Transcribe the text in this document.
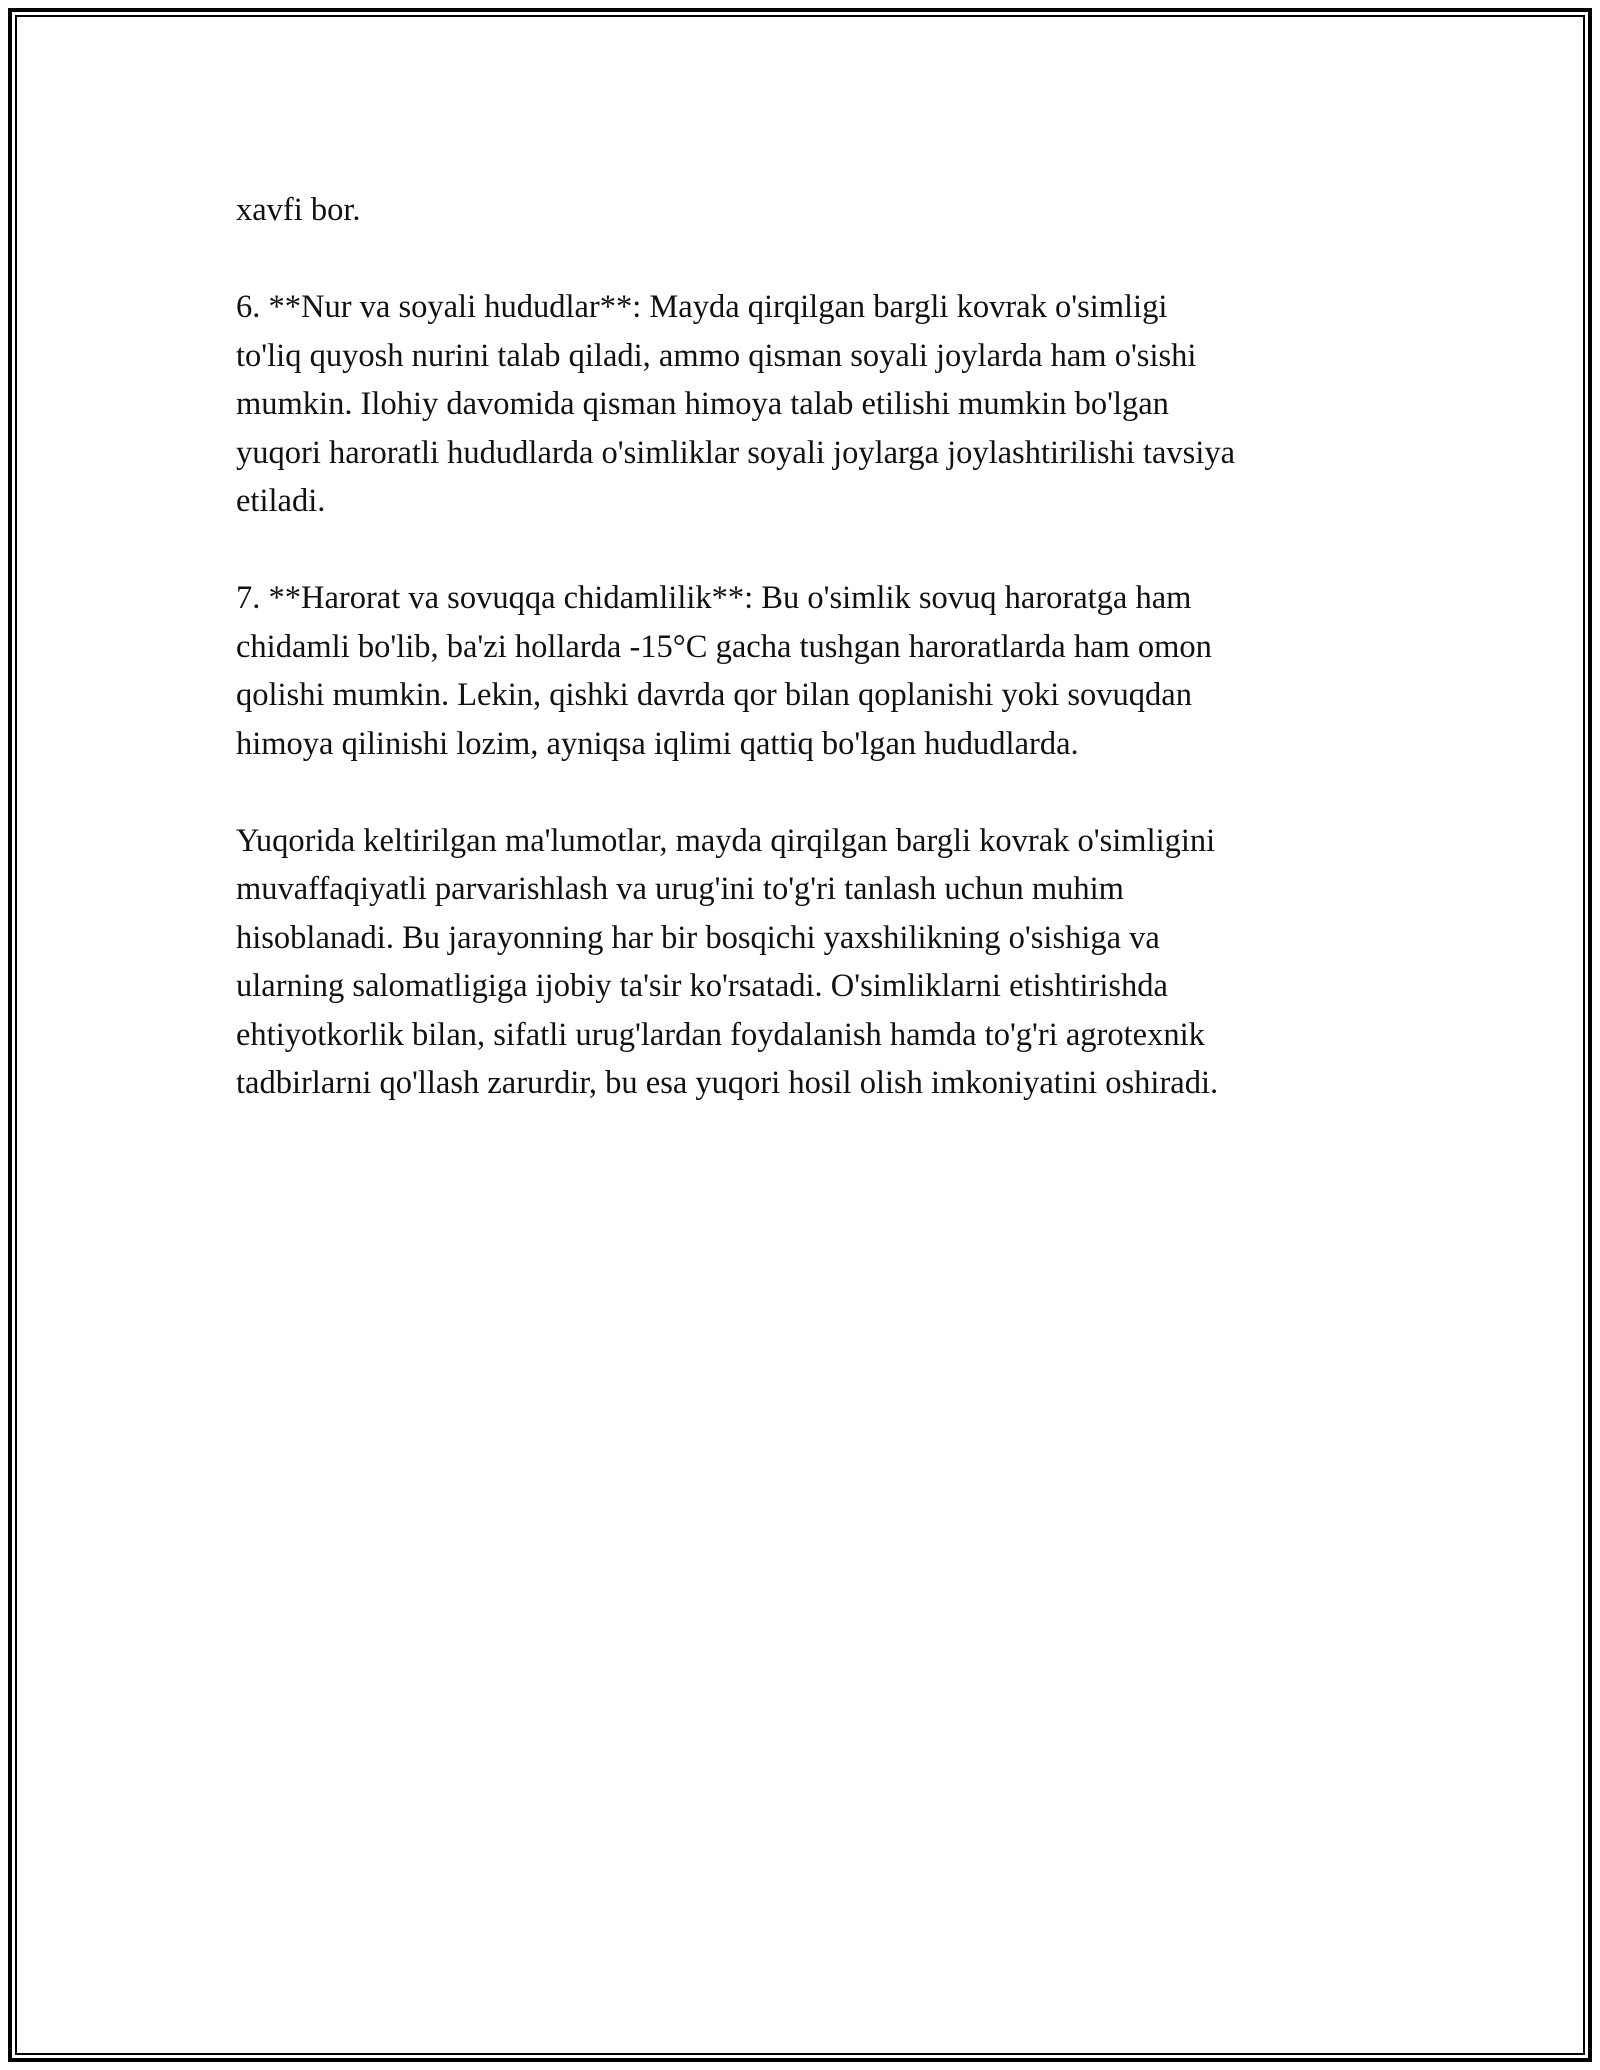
xavfi bor.

6. **Nur va soyali hududlar**: Mayda qirqilgan bargli kovrak o'simligi
to'liq quyosh nurini talab qiladi, ammo qisman soyali joylarda ham o'sishi
mumkin. Ilohiy davomida qisman himoya talab etilishi mumkin bo'lgan
yuqori haroratli hududlarda o'simliklar soyali joylarga joylashtirilishi tavsiya
etiladi.

7. **Harorat va sovuqqa chidamlilik**: Bu o'simlik sovuq haroratga ham
chidamli bo'lib, ba'zi hollarda -15°C gacha tushgan haroratlarda ham omon
qolishi mumkin. Lekin, qishki davrda qor bilan qoplanishi yoki sovuqdan
himoya qilinishi lozim, ayniqsa iqlimi qattiq bo'lgan hududlarda.

Yuqorida keltirilgan ma'lumotlar, mayda qirqilgan bargli kovrak o'simligini
muvaffaqiyatli parvarishlash va urug'ini to'g'ri tanlash uchun muhim
hisoblanadi. Bu jarayonning har bir bosqichi yaxshilikning o'sishiga va
ularning salomatligiga ijobiy ta'sir ko'rsatadi. O'simliklarni etishtirishda
ehtiyotkorlik bilan, sifatli urug'lardan foydalanish hamda to'g'ri agrotexnik
tadbirlarni qo'llash zarurdir, bu esa yuqori hosil olish imkoniyatini oshiradi.
